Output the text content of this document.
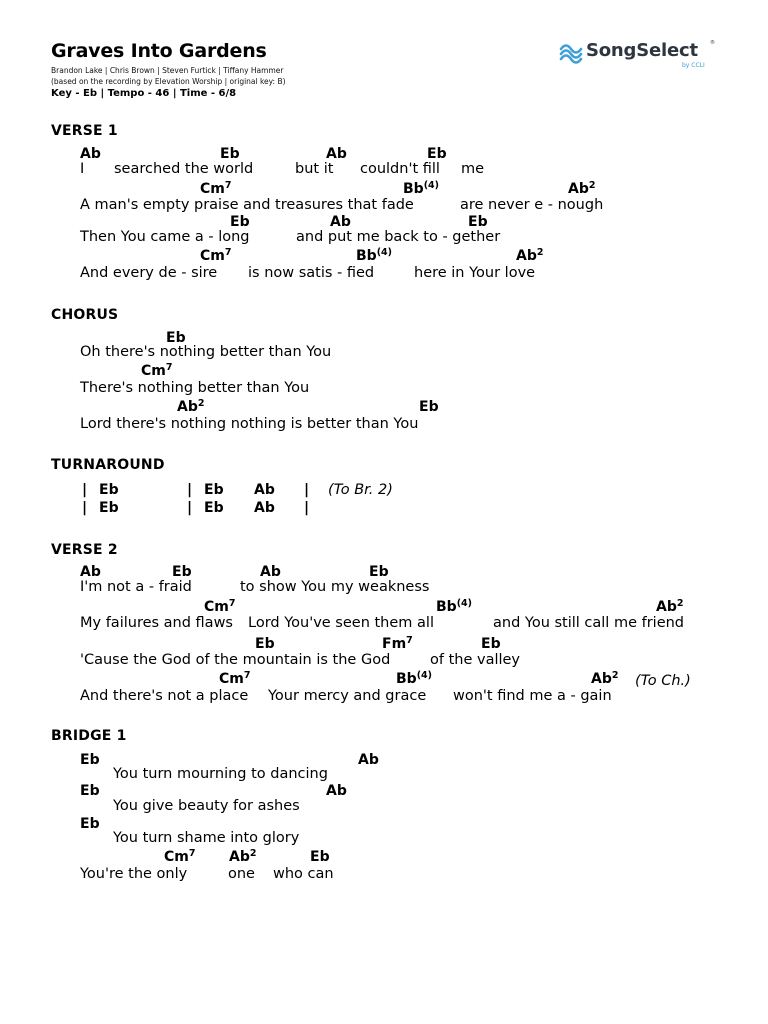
Graves Into Gardens
Brandon Lake | Chris Brown | Steven Furtick | Tiffany Hammer
(based on the recording by Elevation Worship | original key: B)
Key - Eb | Tempo - 46 | Time - 6/8
SongSelect ®
by CCLI
VERSE 1
Ab	Eb	Ab	Eb
I searched the world	but it couldn't fill me
Cm$^7$	Bb$^{(4)}$	Ab$^2$
A man's empty praise and treasures that fade	are never e - nough
Eb	Ab	Eb
Then You came a - long	and put me back to - gether
Cm$^7$	Bb$^{(4)}$	Ab$^2$
And every de - sire is now satis - fied	here in Your love
CHORUS
Eb
Oh there's nothing better than You
Cm$^7$
There's nothing better than You
Ab$^2$	Eb
Lord there's nothing nothing is better than You
TURNAROUND
| Eb	| Eb Ab | (To Br. 2)
| Eb	| Eb Ab |
VERSE 2
Ab	Eb	Ab	Eb
I'm not a - fraid	to show You my weakness
Cm$^7$	Bb$^{(4)}$	Ab$^2$
My failures and flaws Lord You've seen them all	and You still call me friend
Eb	Fm$^7$	Eb
'Cause the God of the mountain is the God	of the valley
Cm$^7$	Bb$^{(4)}$	Ab$^2$ (To Ch.)
And there's not a place Your mercy and grace won't find me a - gain
BRIDGE 1
Eb	Ab
You turn mourning to dancing
Eb	Ab
You give beauty for ashes
Eb
You turn shame into glory
Cm$^7$ Ab$^2$	Eb
You're the only	one who can
